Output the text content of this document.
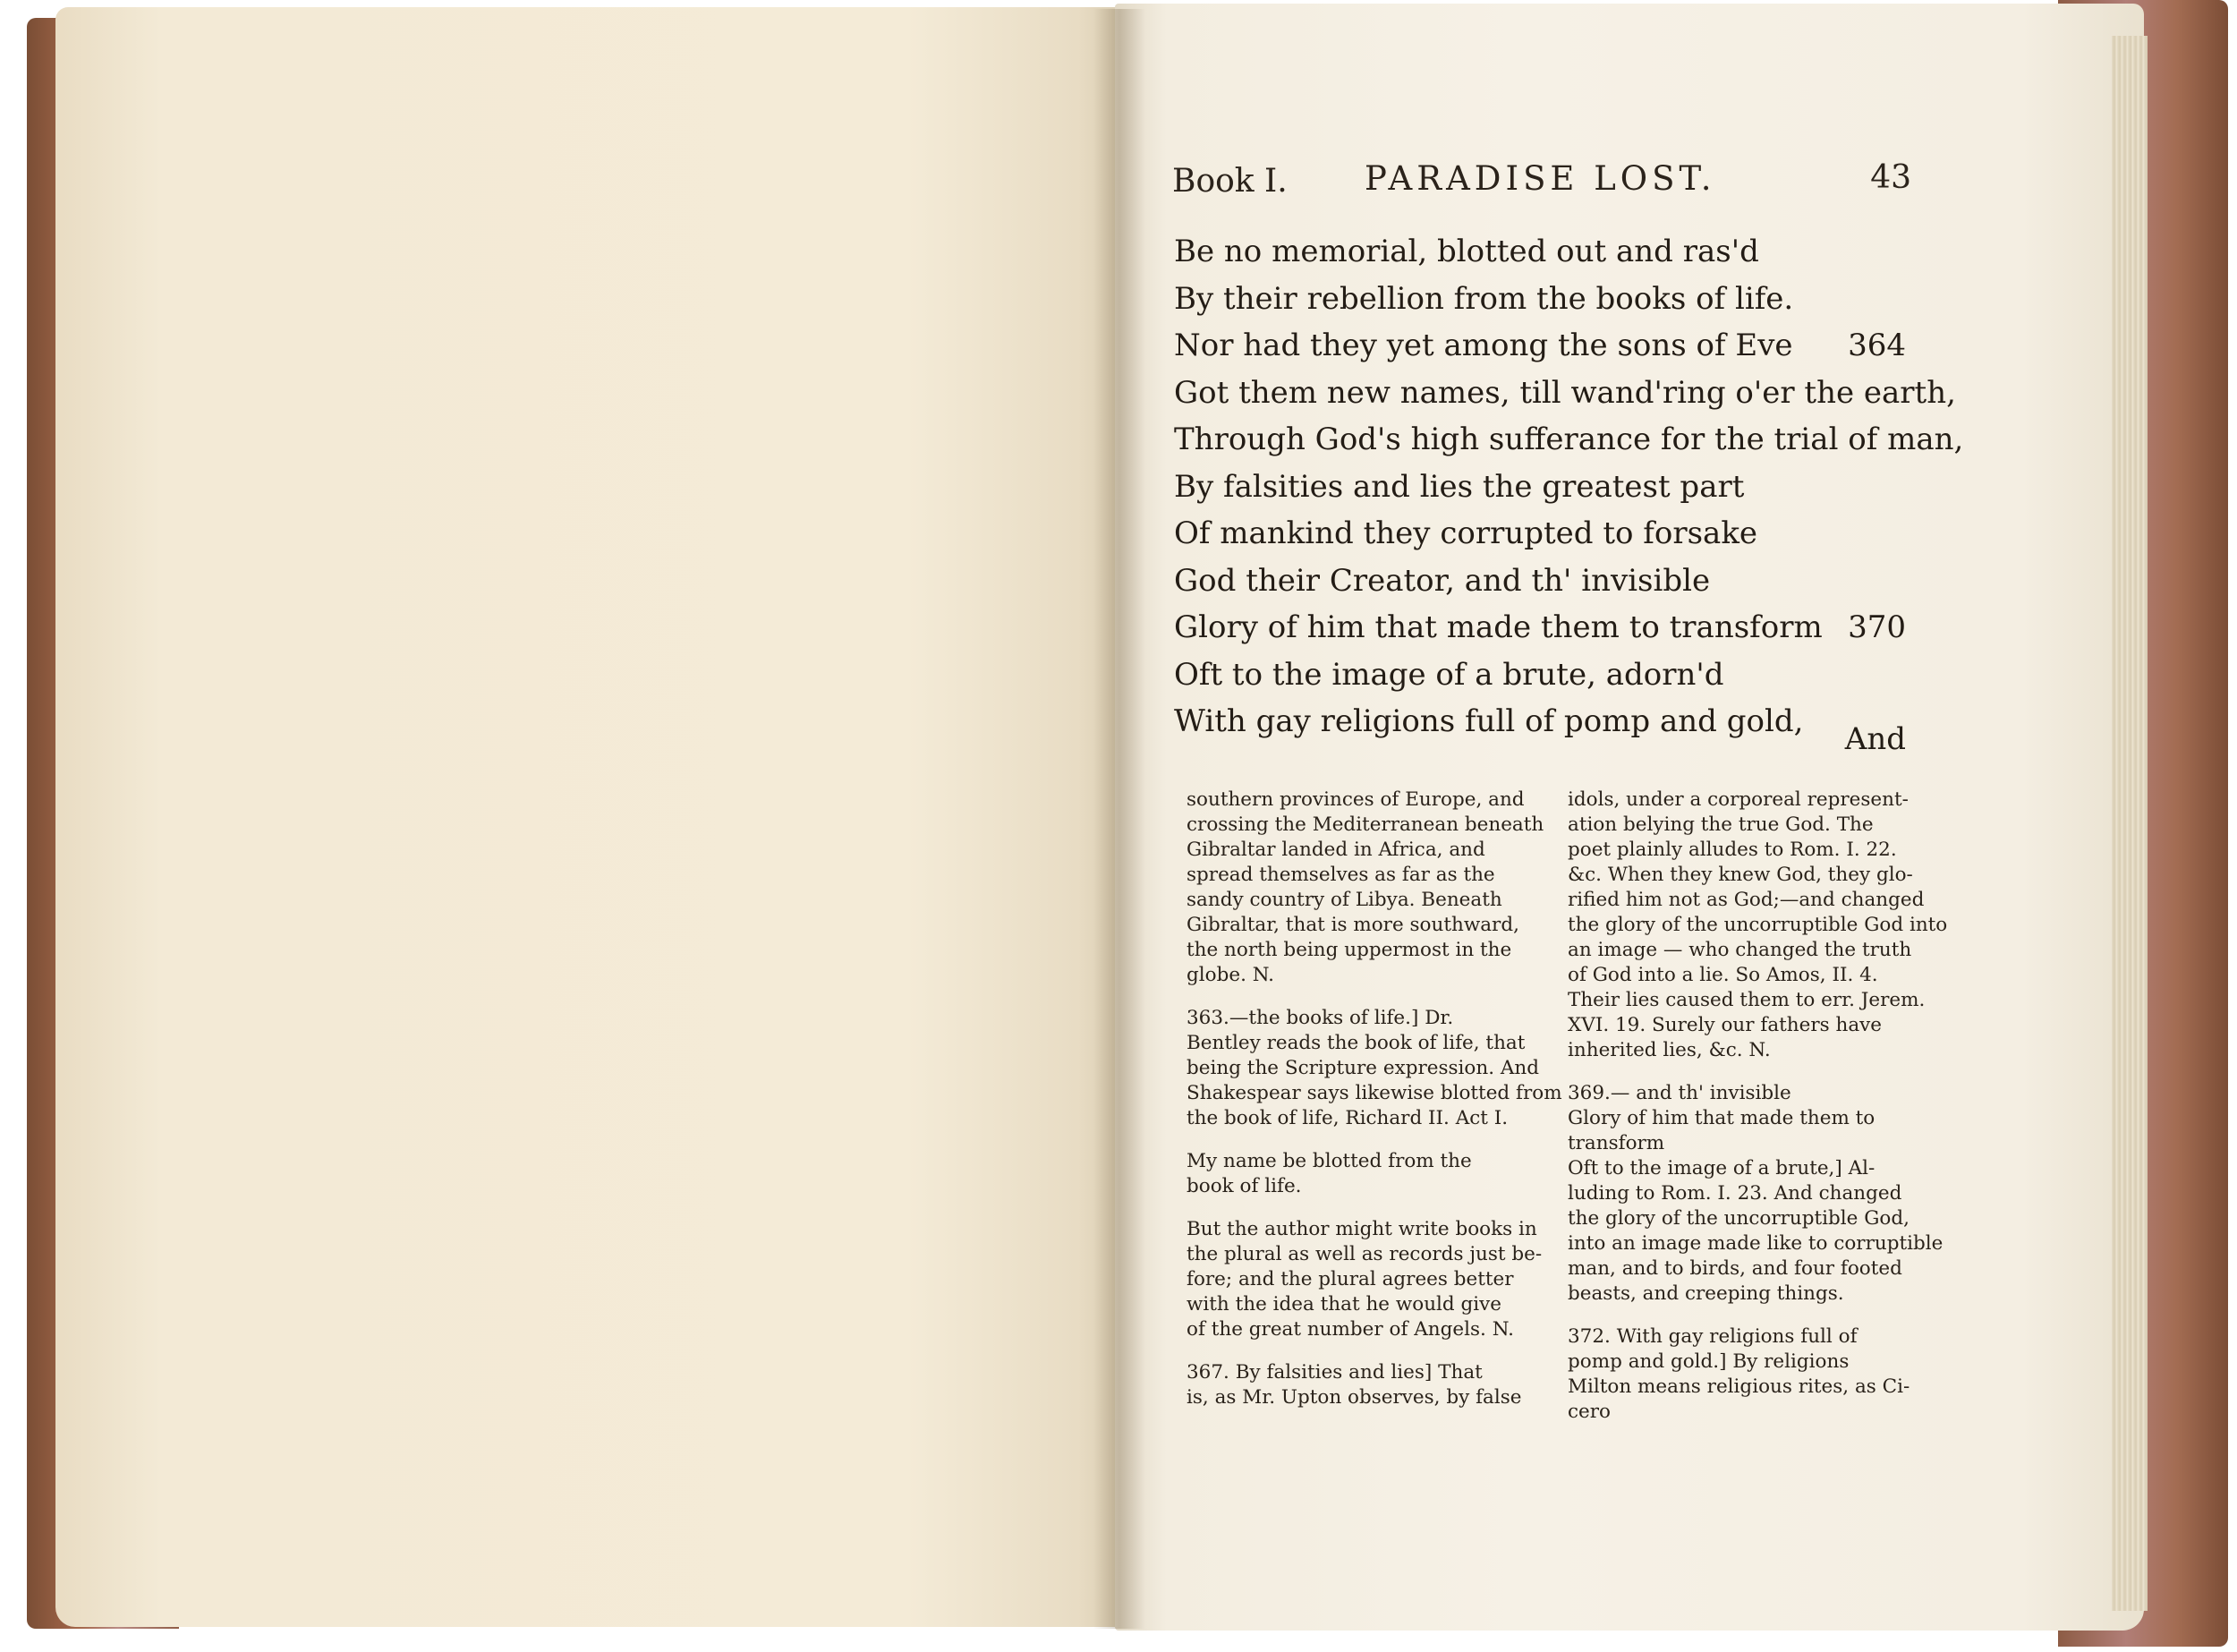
Book I. PARADISE LOST.	43
Be no memorial, blotted out and ras'd
By their rebellion from the books of life.
Nor had they yet among the sons of Eve 364
Got them new names, till wand'ring o'er the earth,
Through God's high sufferance for the trial of man,
By falsities and lies the greatest part
Of mankind they corrupted to forsake
God their Creator, and th' invisible
Glory of him that made them to transform 370
Oft to the image of a brute, adorn'd
With gay religions full of pomp and gold,	And
southern provinces of Europe, and
crossing the Mediterranean beneath
Gibraltar landed in Africa, and
spread themselves as far as the
sandy country of Libya. Beneath
Gibraltar, that is more southward,
the north being uppermost in the
globe. N.
363.—the books of life.] Dr.
Bentley reads the book of life, that
being the Scripture expression. And
Shakespear says likewise blotted from
the book of life, Richard II. Act I.
My name be blotted from the
book of life.
But the author might write books in
the plural as well as records just be-
fore; and the plural agrees better
with the idea that he would give
of the great number of Angels. N.
367. By falsities and lies] That
is, as Mr. Upton observes, by false
idols, under a corporeal represent-
ation belying the true God. The
poet plainly alludes to Rom. I. 22.
&c. When they knew God, they glo-
rified him not as God;—and changed
the glory of the uncorruptible God into
an image — who changed the truth
of God into a lie. So Amos, II. 4.
Their lies caused them to err. Jerem.
XVI. 19. Surely our fathers have
inherited lies, &c. N.
369.— and th' invisible
Glory of him that made them to
transform
Oft to the image of a brute,] Al-
luding to Rom. I. 23. And changed
the glory of the uncorruptible God,
into an image made like to corruptible
man, and to birds, and four footed
beasts, and creeping things.
372. With gay religions full of
pomp and gold.] By religions
Milton means religious rites, as Ci-
cero
